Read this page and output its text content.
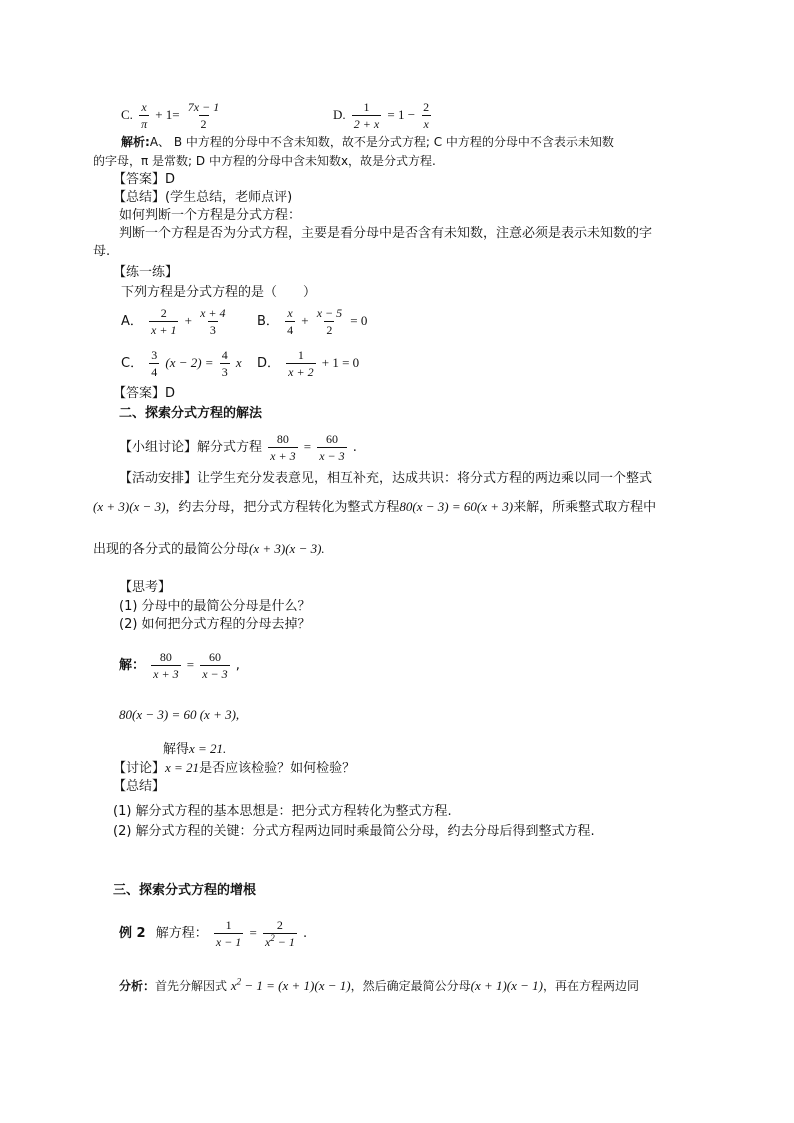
C. $\frac{x}{\pi} + 1= \frac{7x - 1}{2}$	D. $\frac{1}{2 + x} = 1 - \frac{2}{x}$
解析:A、 B 中方程的分母中不含未知数，故不是分式方程; C 中方程的分母中不含表示未知数
的字母，π 是常数; D 中方程的分母中含未知数x，故是分式方程.
【答案】D
【总结】(学生总结，老师点评)
如何判断一个方程是分式方程：
判断一个方程是否为分式方程，主要是看分母中是否含有未知数，注意必须是表示未知数的字
母.
【练一练】
下列方程是分式方程的是（　　）
A． $\frac{2}{x + 1} + \frac{x + 4}{3}$ B． $\frac{x}{4} + \frac{x - 5}{2} = 0$
C． $\frac{3}{4} (x - 2) = \frac{4}{3}$ x D． $\frac{1}{x + 2} + 1 = 0$
【答案】D
二、探索分式方程的解法
【小组讨论】解分式方程 $\frac{80}{x + 3} = \frac{60}{x - 3}$ .
【活动安排】让学生充分发表意见，相互补充，达成共识：将分式方程的两边乘以同一个整式
(x + 3)(x − 3)，约去分母，把分式方程转化为整式方程80(x − 3) = 60(x + 3)来解，所乘整式取方程中
出现的各分式的最简公分母(x + 3)(x − 3).
【思考】
(1) 分母中的最简公分母是什么？
(2) 如何把分式方程的分母去掉？
解： $\frac{80}{x + 3} = \frac{60}{x - 3}$ ,
80(x − 3) = 60 (x + 3),
解得x = 21.
【讨论】x = 21是否应该检验？如何检验？
【总结】
(1) 解分式方程的基本思想是：把分式方程转化为整式方程.
(2) 解分式方程的关键：分式方程两边同时乘最简公分母，约去分母后得到整式方程.
三、探索分式方程的增根
例 2 解方程： $\frac{1}{x - 1} = \frac{2}{x^2 - 1}$ .
分析：首先分解因式 $x^2 - 1 = (x + 1)(x - 1)$，然后确定最简公分母(x + 1)(x − 1)，再在方程两边同
